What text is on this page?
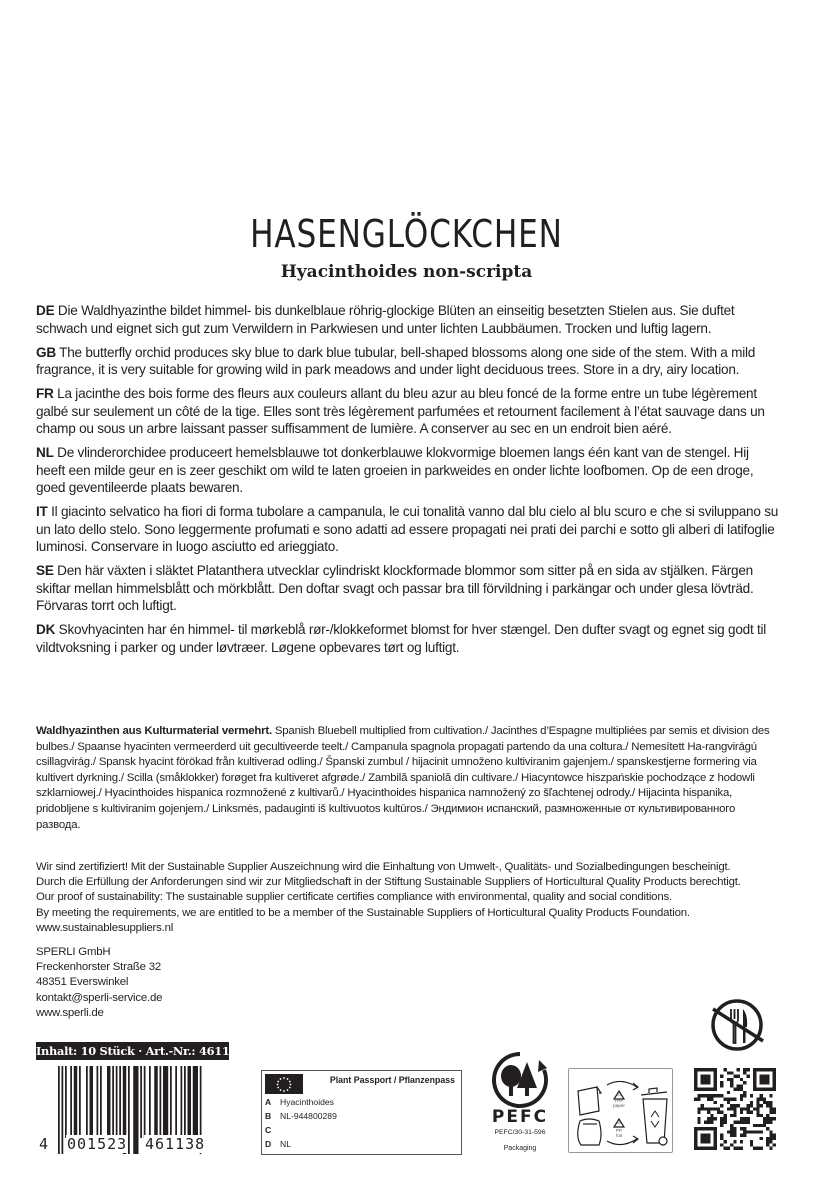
HASENGLÖCKCHEN
Hyacinthoides non-scripta

DE Die Waldhyazinthe bildet himmel- bis dunkelblaue röhrig-glockige Blüten an einseitig besetzten Stielen aus. Sie duftet schwach und eignet sich gut zum Verwildern in Parkwiesen und unter lichten Laubbäumen. Trocken und luftig lagern.

GB The butterfly orchid produces sky blue to dark blue tubular, bell-shaped blossoms along one side of the stem. With a mild fragrance, it is very suitable for growing wild in park meadows and under light deciduous trees. Store in a dry, airy location.

FR La jacinthe des bois forme des fleurs aux couleurs allant du bleu azur au bleu foncé de la forme entre un tube légèrement galbé sur seulement un côté de la tige. Elles sont très légèrement parfumées et retournent facilement à l’état sauvage dans un champ ou sous un arbre laissant passer suffisamment de lumière. A conserver au sec en un endroit bien aéré.

NL De vlinderorchidee produceert hemelsblauwe tot donkerblauwe klokvormige bloemen langs één kant van de stengel. Hij heeft een milde geur en is zeer geschikt om wild te laten groeien in parkweides en onder lichte loofbomen. Op de een droge, goed geventileerde plaats bewaren.

IT Il giacinto selvatico ha fiori di forma tubolare a campanula, le cui tonalità vanno dal blu cielo al blu scuro e che si sviluppano su un lato dello stelo. Sono leggermente profumati e sono adatti ad essere propagati nei prati dei parchi e sotto gli alberi di latifoglie luminosi. Conservare in luogo asciutto ed arieggiato.

SE Den här växten i släktet Platanthera utvecklar cylindriskt klockformade blommor som sitter på en sida av stjälken. Färgen skiftar mellan himmelsblått och mörkblått. Den doftar svagt och passar bra till förvildning i parkängar och under glesa lövträd. Förvaras torrt och luftigt.

DK Skovhyacinten har én himmel- til mørkeblå rør-/klokkeformet blomst for hver stængel. Den dufter svagt og egnet sig godt til vildtvoksning i parker og under løvtræer. Løgene opbevares tørt og luftigt.

Waldhyazinthen aus Kulturmaterial vermehrt. Spanish Bluebell multiplied from cultivation./ Jacinthes d’Espagne multipliées par semis et division des bulbes./ Spaanse hyacinten vermeerderd uit gecultiveerde teelt./ Campanula spagnola propagati partendo da una coltura./ Nemesített Ha-rangvirágú csillagvirág./ Spansk hyacint förökad från kultiverad odling./ Španski zumbul / hijacinit umnoženo kultiviranim gajenjem./ spanskestjerne formering via kultivert dyrkning./ Scilla (småklokker) forøget fra kultiveret afgrøde./ Zambilă spaniolă din cultivare./ Hiacyntowce hiszpańskie pochodzące z hodowli szklarniowej./ Hyacinthoides hispanica rozmnožené z kultivarů./ Hyacinthoides hispanica namnožený zo šľachtenej odrody./ Hijacinta hispanika, pridobljene s kultiviranim gojenjem./ Linksmės, padauginti iš kultivuotos kultūros./ Эндимион испанский, размноженные от культивированного развода.
Wir sind zertifiziert! Mit der Sustainable Supplier Auszeichnung wird die Einhaltung von Umwelt-, Qualitäts- und Sozialbedingungen bescheinigt.
Durch die Erfüllung der Anforderungen sind wir zur Mitgliedschaft in der Stiftung Sustainable Suppliers of Horticultural Quality Products berechtigt.
Our proof of sustainability: The sustainable supplier certificate certifies compliance with environmental, quality and social conditions.
By meeting the requirements, we are entitled to be a member of the Sustainable Suppliers of Horticultural Quality Products Foundation.
www.sustainablesuppliers.nl
SPERLI GmbH
Freckenhorster Straße 32
48351 Everswinkel
kontakt@sperli-service.de
www.sperli.de
Inhalt: 10 Stück · Art.-Nr.: 461138
4 001523 461138
Plant Passport / Pflanzenpass
A Hyacinthoides
B NL-944800289
C
D NL
PEFC
PEFC/30-31-596
Packaging
PAP
paper
PP
foil
21
05
